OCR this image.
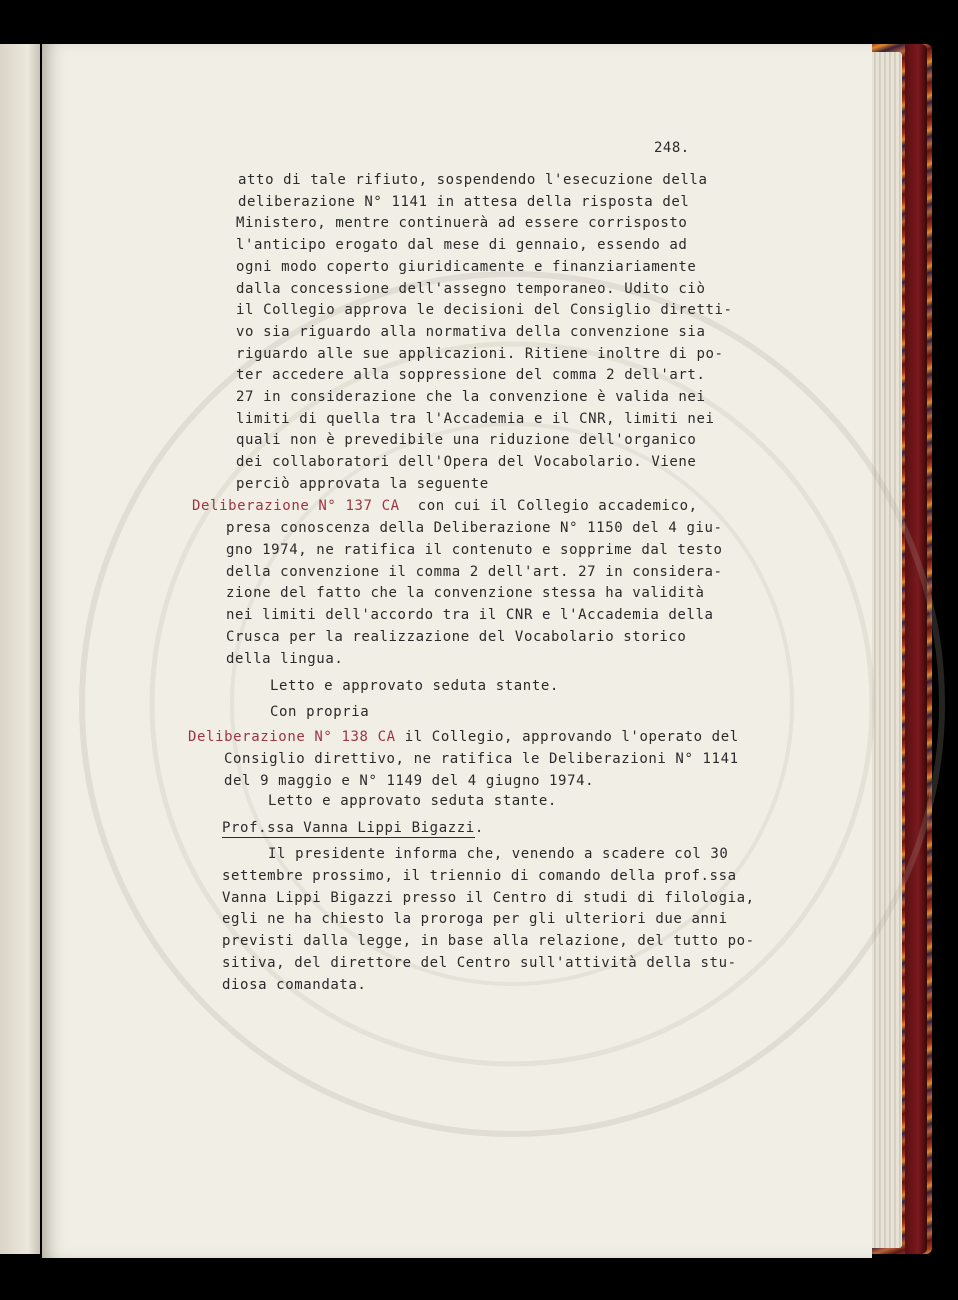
248.
atto di tale rifiuto, sospendendo l'esecuzione della
deliberazione N° 1141 in attesa della risposta del
Ministero, mentre continuerà ad essere corrisposto
l'anticipo erogato dal mese di gennaio, essendo ad
ogni modo coperto giuridicamente e finanziariamente
dalla concessione dell'assegno temporaneo. Udito ciò
il Collegio approva le decisioni del Consiglio diretti-
vo sia riguardo alla normativa della convenzione sia
riguardo alle sue applicazioni. Ritiene inoltre di po-
ter accedere alla soppressione del comma 2 dell'art.
27 in considerazione che la convenzione è valida nei
limiti di quella tra l'Accademia e il CNR, limiti nei
quali non è prevedibile una riduzione dell'organico
dei collaboratori dell'Opera del Vocabolario. Viene
perciò approvata la seguente
Deliberazione N° 137 CA con cui il Collegio accademico,
presa conoscenza della Deliberazione N° 1150 del 4 giu-
gno 1974, ne ratifica il contenuto e sopprime dal testo
della convenzione il comma 2 dell'art. 27 in considera-
zione del fatto che la convenzione stessa ha validità
nei limiti dell'accordo tra il CNR e l'Accademia della
Crusca per la realizzazione del Vocabolario storico
della lingua.
Letto e approvato seduta stante.
Con propria
Deliberazione N° 138 CA il Collegio, approvando l'operato del
Consiglio direttivo, ne ratifica le Deliberazioni N° 1141
del 9 maggio e N° 1149 del 4 giugno 1974.
Letto e approvato seduta stante.
Prof.ssa Vanna Lippi Bigazzi.
Il presidente informa che, venendo a scadere col 30
settembre prossimo, il triennio di comando della prof.ssa
Vanna Lippi Bigazzi presso il Centro di studi di filologia,
egli ne ha chiesto la proroga per gli ulteriori due anni
previsti dalla legge, in base alla relazione, del tutto po-
sitiva, del direttore del Centro sull'attività della stu-
diosa comandata.
